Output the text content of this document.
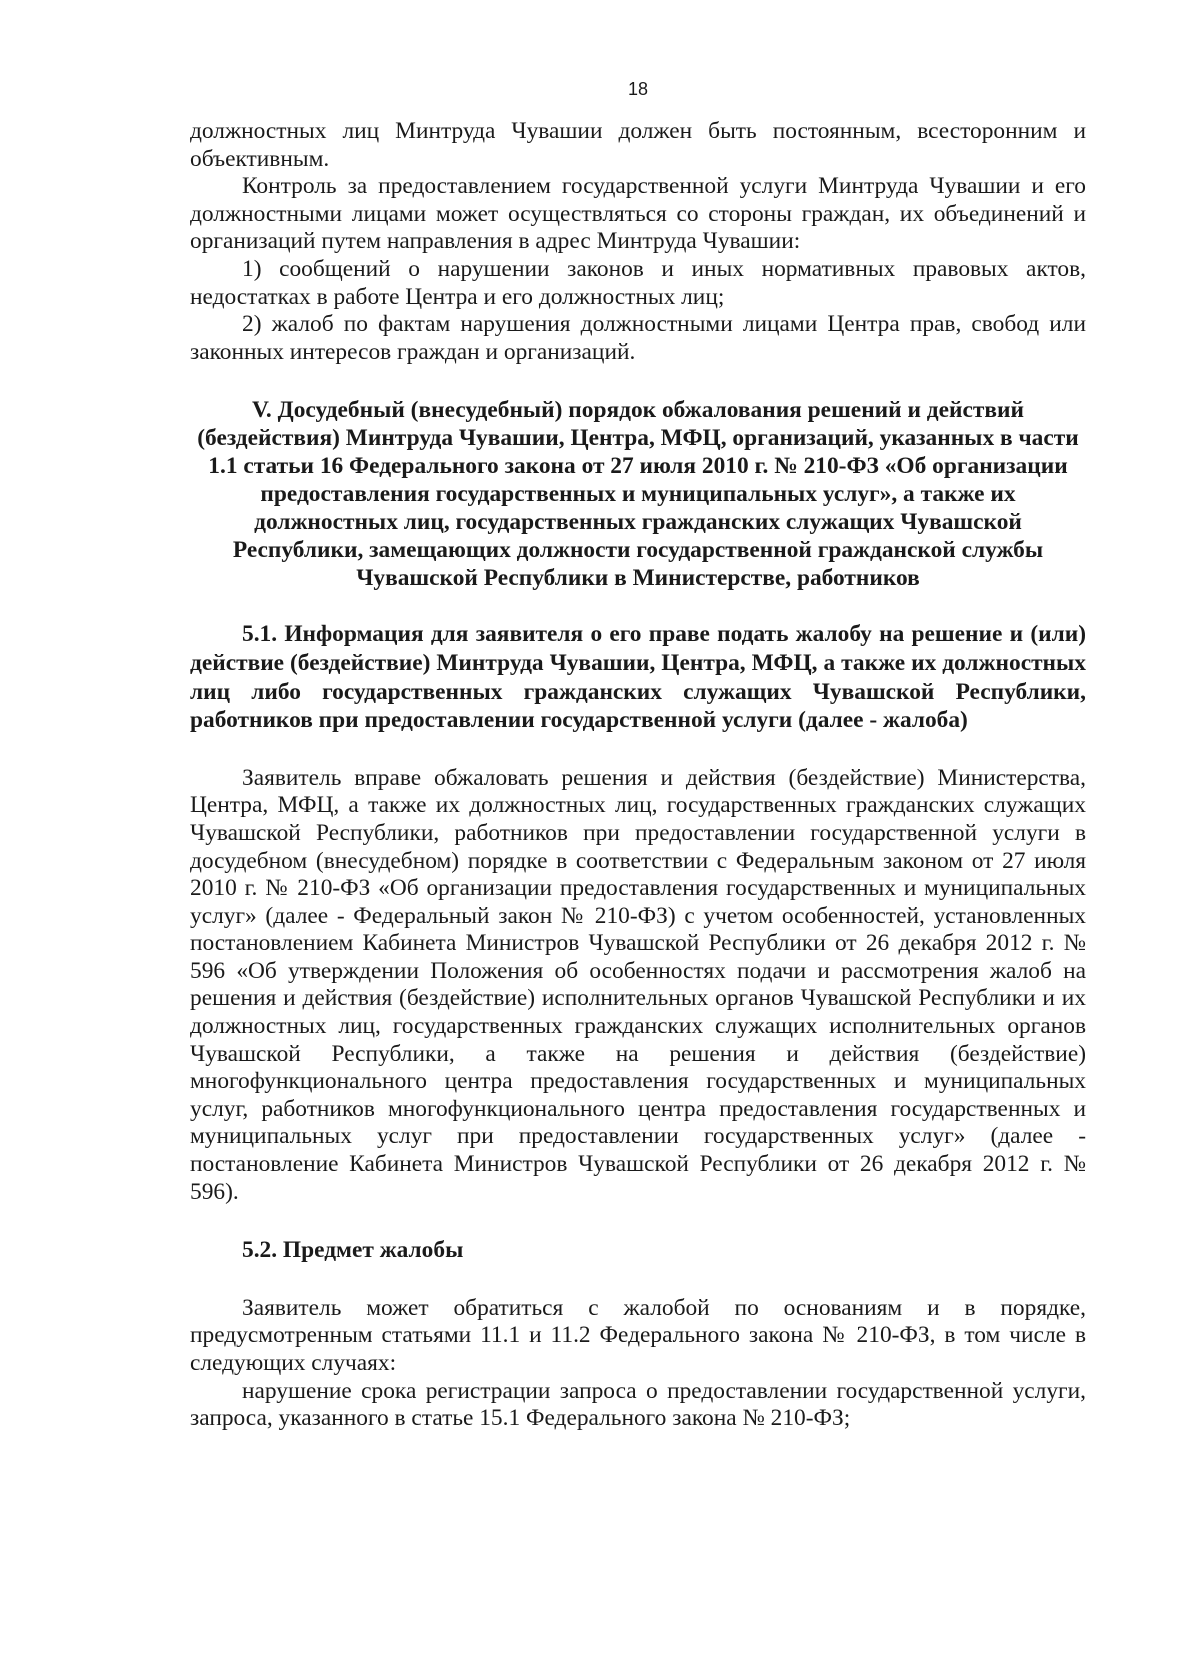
18

должностных лиц Минтруда Чувашии должен быть постоянным, всесторонним и объективным.

Контроль за предоставлением государственной услуги Минтруда Чувашии и его должностными лицами может осуществляться со стороны граждан, их объединений и организаций путем направления в адрес Минтруда Чувашии:

1) сообщений о нарушении законов и иных нормативных правовых актов, недостатках в работе Центра и его должностных лиц;

2) жалоб по фактам нарушения должностными лицами Центра прав, свобод или законных интересов граждан и организаций.

V. Досудебный (внесудебный) порядок обжалования решений и действий (бездействия) Минтруда Чувашии, Центра, МФЦ, организаций, указанных в части 1.1 статьи 16 Федерального закона от 27 июля 2010 г. № 210-ФЗ «Об организации предоставления государственных и муниципальных услуг», а также их должностных лиц, государственных гражданских служащих Чувашской Республики, замещающих должности государственной гражданской службы Чувашской Республики в Министерстве, работников
5.1. Информация для заявителя о его праве подать жалобу на решение и (или) действие (бездействие) Минтруда Чувашии, Центра, МФЦ, а также их должностных лиц либо государственных гражданских служащих Чувашской Республики, работников при предоставлении государственной услуги (далее - жалоба)

Заявитель вправе обжаловать решения и действия (бездействие) Министерства, Центра, МФЦ, а также их должностных лиц, государственных гражданских служащих Чувашской Республики, работников при предоставлении государственной услуги в досудебном (внесудебном) порядке в соответствии с Федеральным законом от 27 июля 2010 г. № 210-ФЗ «Об организации предоставления государственных и муниципальных услуг» (далее - Федеральный закон № 210-ФЗ) с учетом особенностей, установленных постановлением Кабинета Министров Чувашской Республики от 26 декабря 2012 г. № 596 «Об утверждении Положения об особенностях подачи и рассмотрения жалоб на решения и действия (бездействие) исполнительных органов Чувашской Республики и их должностных лиц, государственных гражданских служащих исполнительных органов Чувашской Республики, а также на решения и действия (бездействие) многофункционального центра предоставления государственных и муниципальных услуг, работников многофункционального центра предоставления государственных и муниципальных услуг при предоставлении государственных услуг» (далее - постановление Кабинета Министров Чувашской Республики от 26 декабря 2012 г. № 596).

5.2. Предмет жалобы

Заявитель может обратиться с жалобой по основаниям и в порядке, предусмотренным статьями 11.1 и 11.2 Федерального закона № 210-ФЗ, в том числе в следующих случаях:

нарушение срока регистрации запроса о предоставлении государственной услуги, запроса, указанного в статье 15.1 Федерального закона № 210-ФЗ;
